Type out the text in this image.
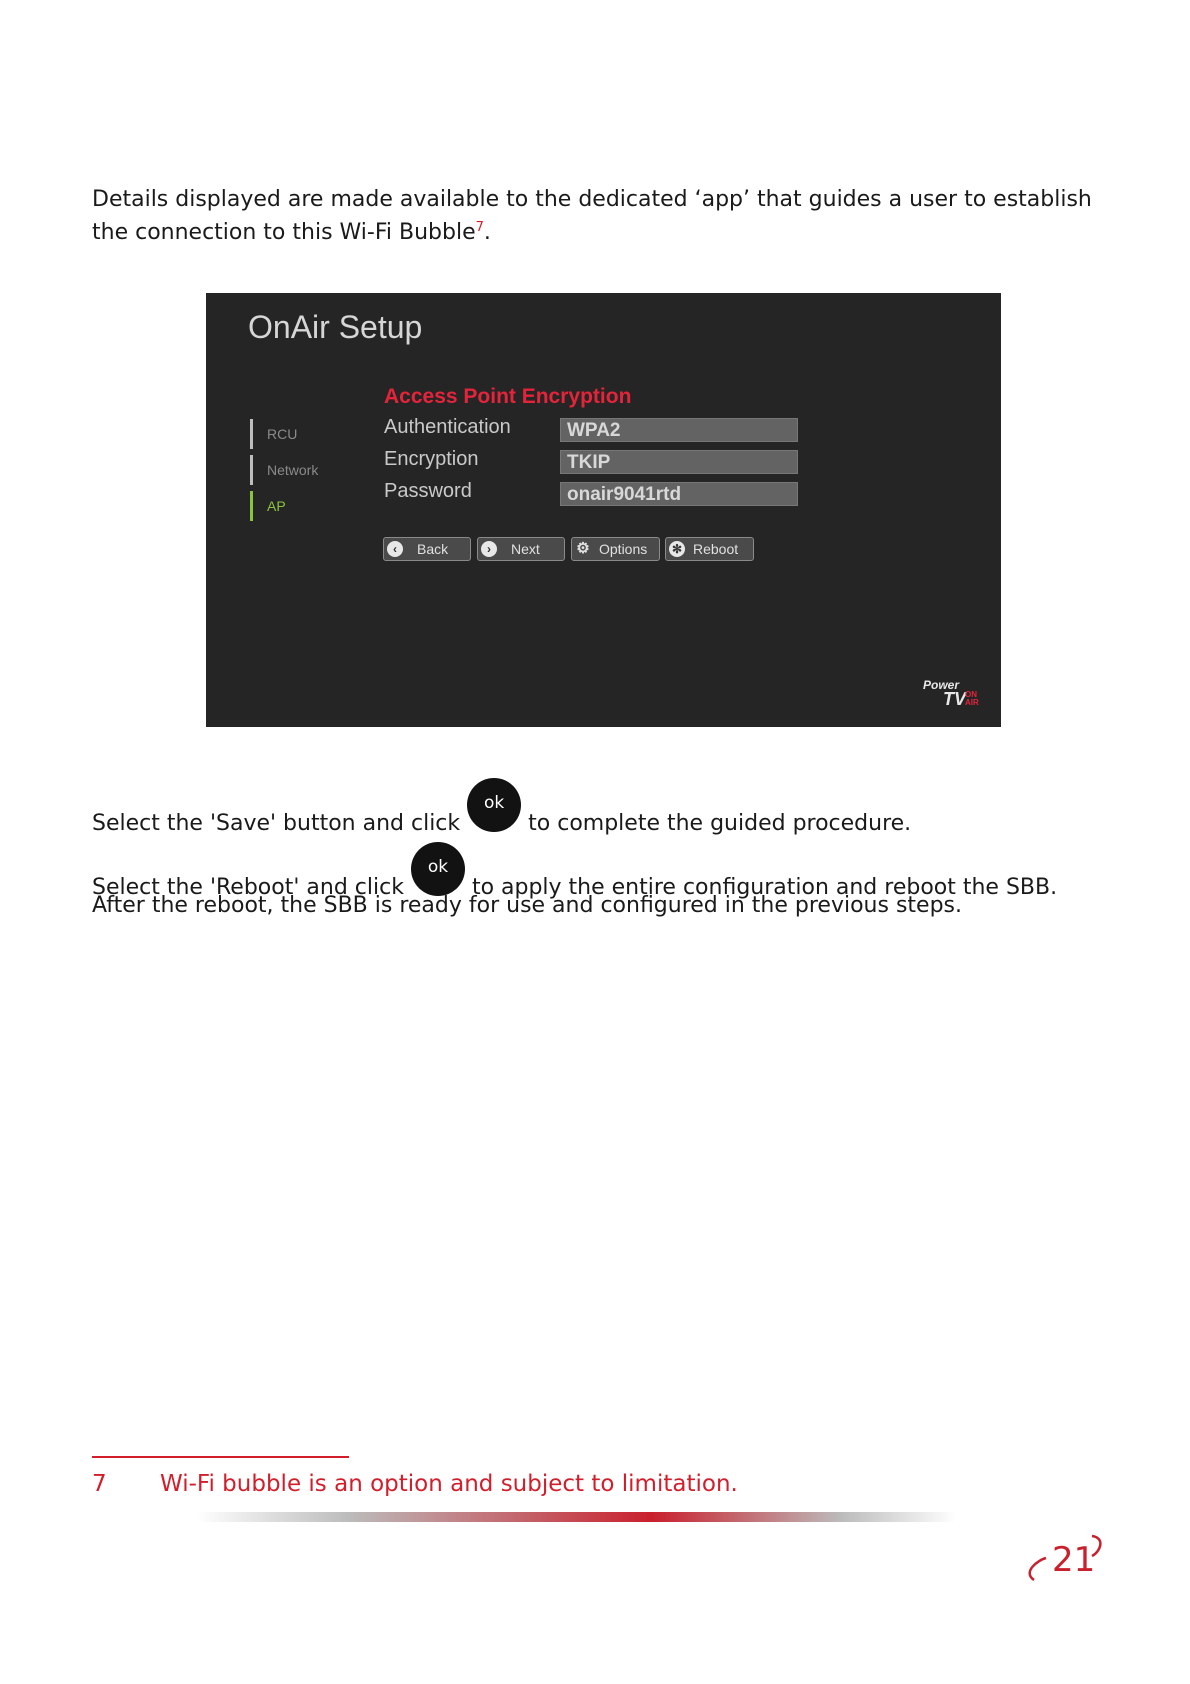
Details displayed are made available to the dedicated ‘app’ that guides a user to establish the connection to this Wi-Fi Bubble$^7$.

OnAir Setup
RCU
Network
AP
Access Point Encryption
Authentication	WPA2
Encryption	TKIP
Password	onair9041rtd
‹	Back	›	Next ⚙ Options ✻ Reboot
Power
TV
ON
AIR
Select the 'Save' button and click ok to complete the guided procedure.
Select the 'Reboot' and click ok to apply the entire configuration and reboot the SBB.

After the reboot, the SBB is ready for use and configured in the previous steps.

7 Wi-Fi bubble is an option and subject to limitation.
21
